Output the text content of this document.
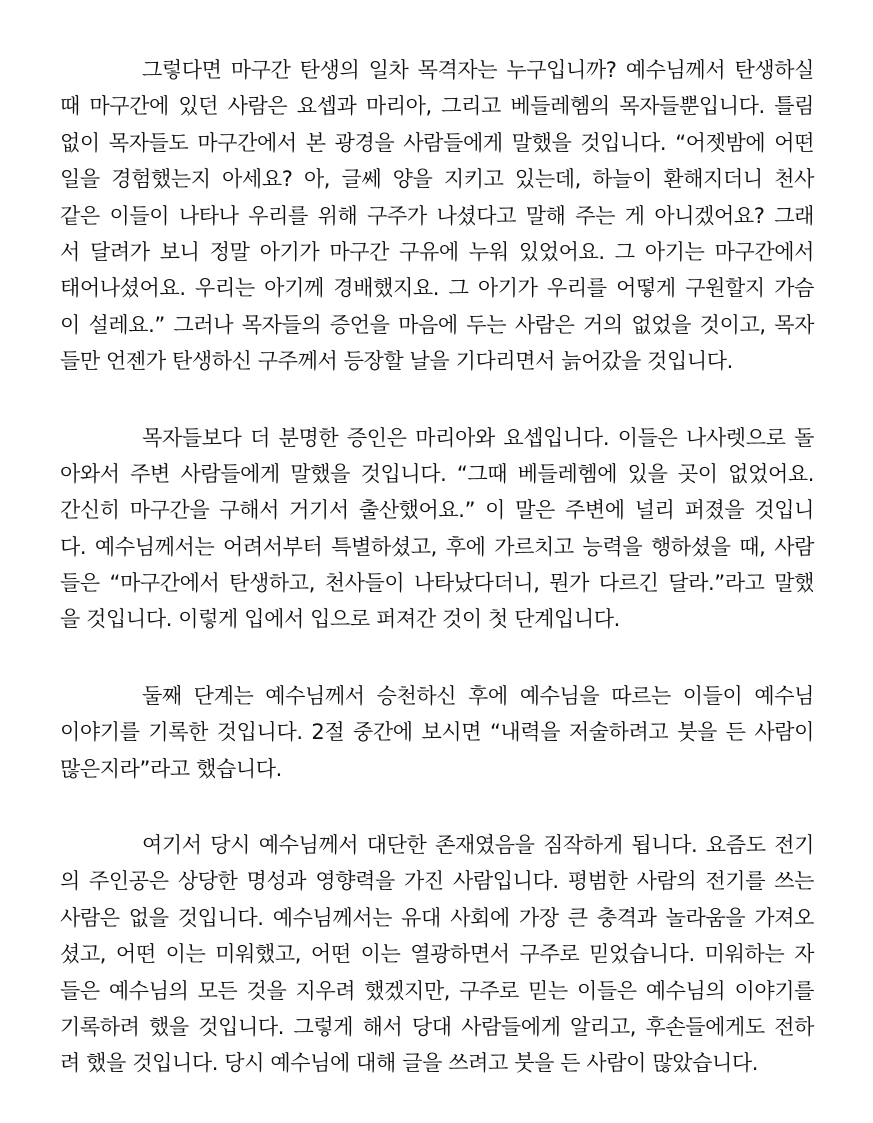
그렇다면 마구간 탄생의 일차 목격자는 누구입니까? 예수님께서 탄생하실
때 마구간에 있던 사람은 요셉과 마리아, 그리고 베들레헴의 목자들뿐입니다. 틀림
없이 목자들도 마구간에서 본 광경을 사람들에게 말했을 것입니다. “어젯밤에 어떤
일을 경험했는지 아세요? 아, 글쎄 양을 지키고 있는데, 하늘이 환해지더니 천사
같은 이들이 나타나 우리를 위해 구주가 나셨다고 말해 주는 게 아니겠어요? 그래
서 달려가 보니 정말 아기가 마구간 구유에 누워 있었어요. 그 아기는 마구간에서
태어나셨어요. 우리는 아기께 경배했지요. 그 아기가 우리를 어떻게 구원할지 가슴
이 설레요.” 그러나 목자들의 증언을 마음에 두는 사람은 거의 없었을 것이고, 목자
들만 언젠가 탄생하신 구주께서 등장할 날을 기다리면서 늙어갔을 것입니다.
목자들보다 더 분명한 증인은 마리아와 요셉입니다. 이들은 나사렛으로 돌
아와서 주변 사람들에게 말했을 것입니다. “그때 베들레헴에 있을 곳이 없었어요.
간신히 마구간을 구해서 거기서 출산했어요.” 이 말은 주변에 널리 퍼졌을 것입니
다. 예수님께서는 어려서부터 특별하셨고, 후에 가르치고 능력을 행하셨을 때, 사람
들은 “마구간에서 탄생하고, 천사들이 나타났다더니, 뭔가 다르긴 달라.”라고 말했
을 것입니다. 이렇게 입에서 입으로 퍼져간 것이 첫 단계입니다.
둘째 단계는 예수님께서 승천하신 후에 예수님을 따르는 이들이 예수님
이야기를 기록한 것입니다. 2절 중간에 보시면 “내력을 저술하려고 붓을 든 사람이
많은지라”라고 했습니다.
여기서 당시 예수님께서 대단한 존재였음을 짐작하게 됩니다. 요즘도 전기
의 주인공은 상당한 명성과 영향력을 가진 사람입니다. 평범한 사람의 전기를 쓰는
사람은 없을 것입니다. 예수님께서는 유대 사회에 가장 큰 충격과 놀라움을 가져오
셨고, 어떤 이는 미워했고, 어떤 이는 열광하면서 구주로 믿었습니다. 미워하는 자
들은 예수님의 모든 것을 지우려 했겠지만, 구주로 믿는 이들은 예수님의 이야기를
기록하려 했을 것입니다. 그렇게 해서 당대 사람들에게 알리고, 후손들에게도 전하
려 했을 것입니다. 당시 예수님에 대해 글을 쓰려고 붓을 든 사람이 많았습니다.
